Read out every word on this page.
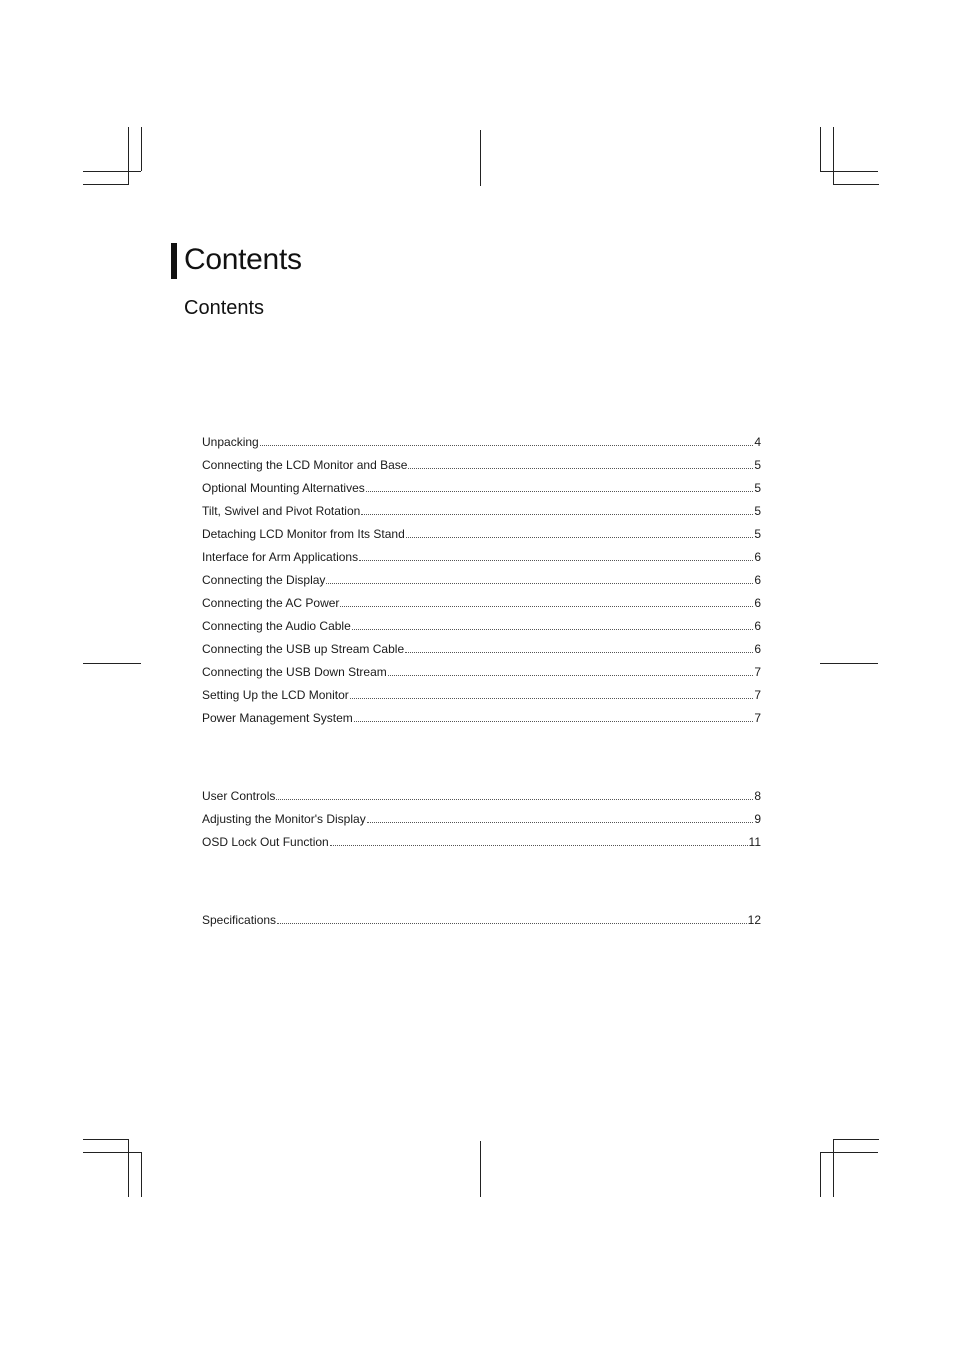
Contents
Contents
Unpacking	4
Connecting the LCD Monitor and Base	5
Optional Mounting Alternatives	5
Tilt, Swivel and Pivot Rotation	5
Detaching LCD Monitor from Its Stand	5
Interface for Arm Applications	6
Connecting the Display	6
Connecting the AC Power	6
Connecting the Audio Cable	6
Connecting the USB up Stream Cable	6
Connecting the USB Down Stream	7
Setting Up the LCD Monitor	7
Power Management System	7
User Controls	8
Adjusting the Monitor's Display	9
OSD Lock Out Function	11
Specifications	12
